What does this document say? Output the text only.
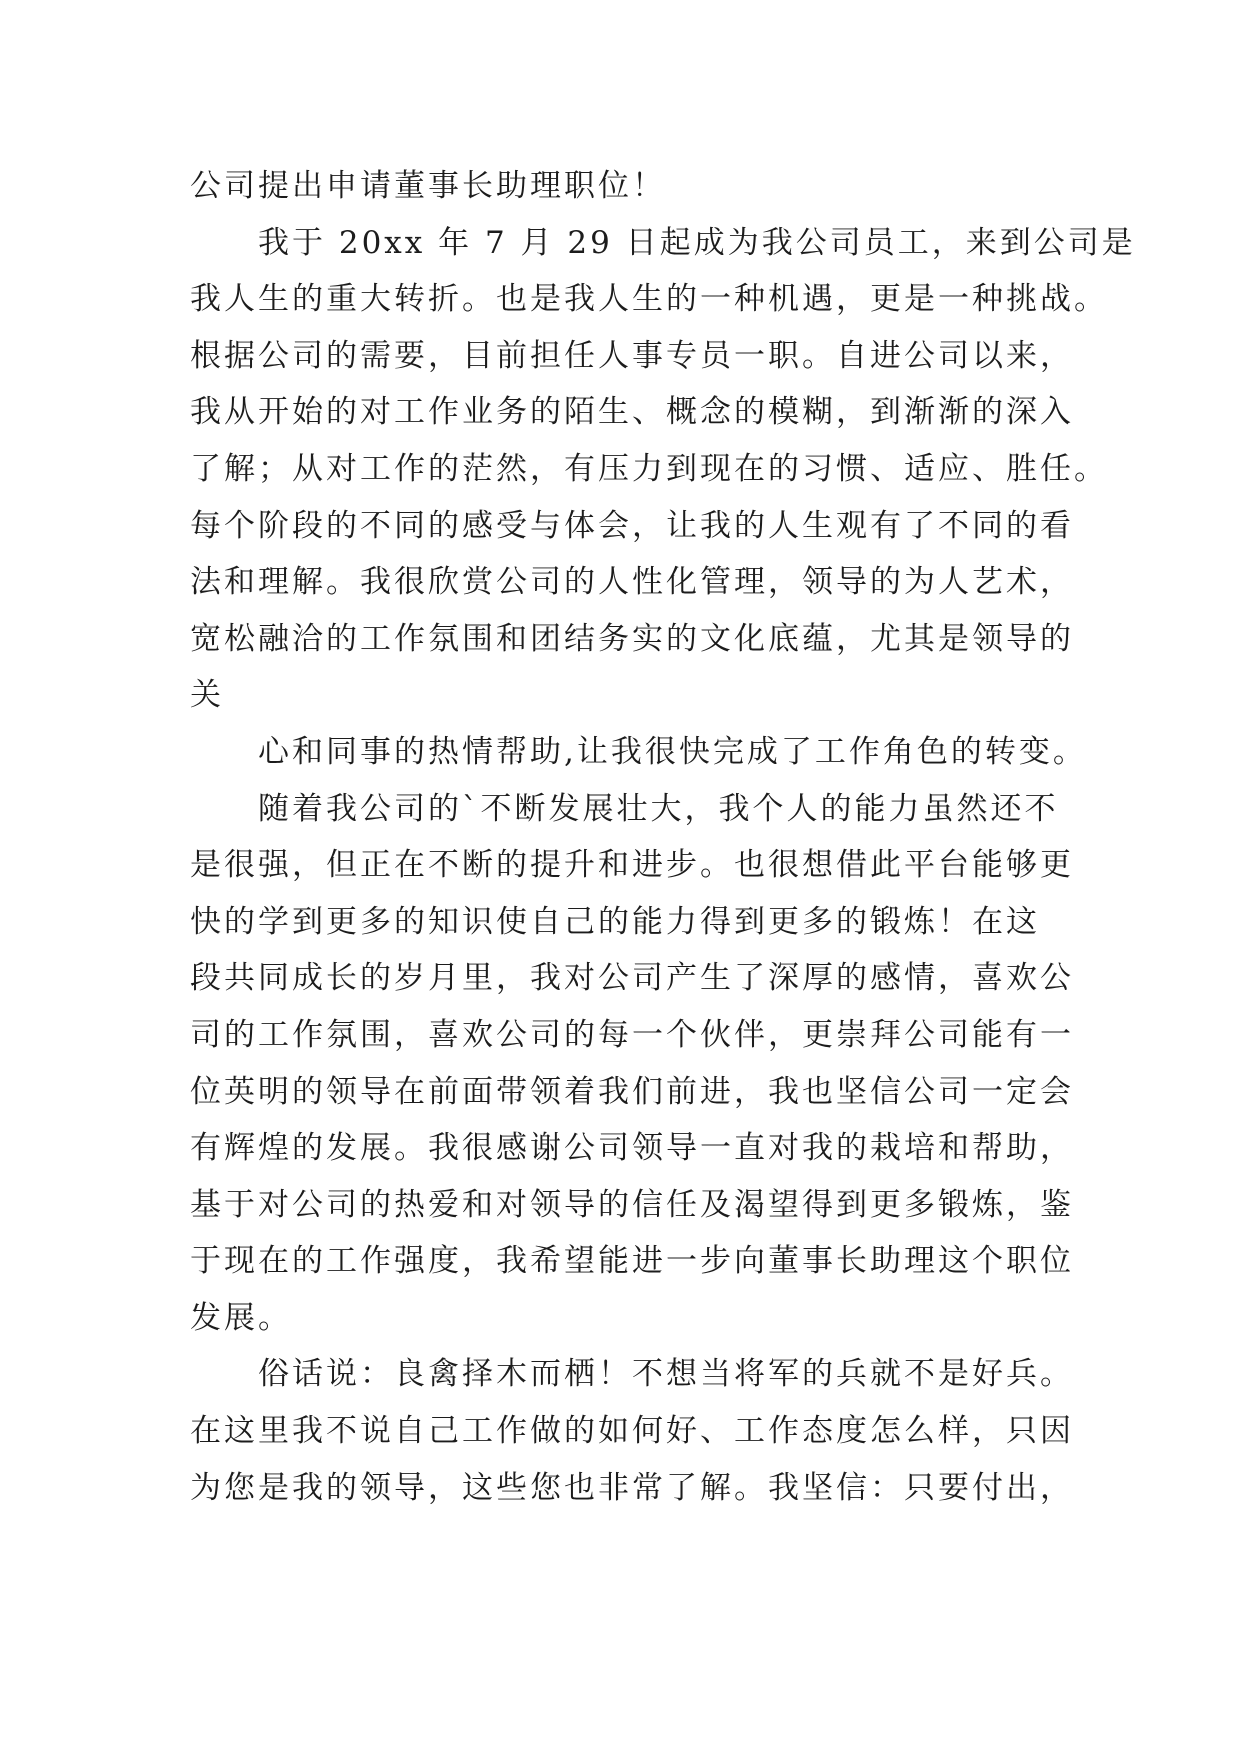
公司提出申请董事长助理职位！
我于 20xx 年 7 月 29 日起成为我公司员工，来到公司是
我人生的重大转折。也是我人生的一种机遇，更是一种挑战。
根据公司的需要，目前担任人事专员一职。自进公司以来，
我从开始的对工作业务的陌生、概念的模糊，到渐渐的深入
了解；从对工作的茫然，有压力到现在的习惯、适应、胜任。
每个阶段的不同的感受与体会，让我的人生观有了不同的看
法和理解。我很欣赏公司的人性化管理，领导的为人艺术，
宽松融洽的工作氛围和团结务实的文化底蕴，尤其是领导的
关
心和同事的热情帮助,让我很快完成了工作角色的转变。
随着我公司的`不断发展壮大，我个人的能力虽然还不
是很强，但正在不断的提升和进步。也很想借此平台能够更
快的学到更多的知识使自己的能力得到更多的锻炼！在这
段共同成长的岁月里，我对公司产生了深厚的感情，喜欢公
司的工作氛围，喜欢公司的每一个伙伴，更崇拜公司能有一
位英明的领导在前面带领着我们前进，我也坚信公司一定会
有辉煌的发展。我很感谢公司领导一直对我的栽培和帮助，
基于对公司的热爱和对领导的信任及渴望得到更多锻炼，鉴
于现在的工作强度，我希望能进一步向董事长助理这个职位
发展。
俗话说：良禽择木而栖！不想当将军的兵就不是好兵。
在这里我不说自己工作做的如何好、工作态度怎么样，只因
为您是我的领导，这些您也非常了解。我坚信：只要付出，
